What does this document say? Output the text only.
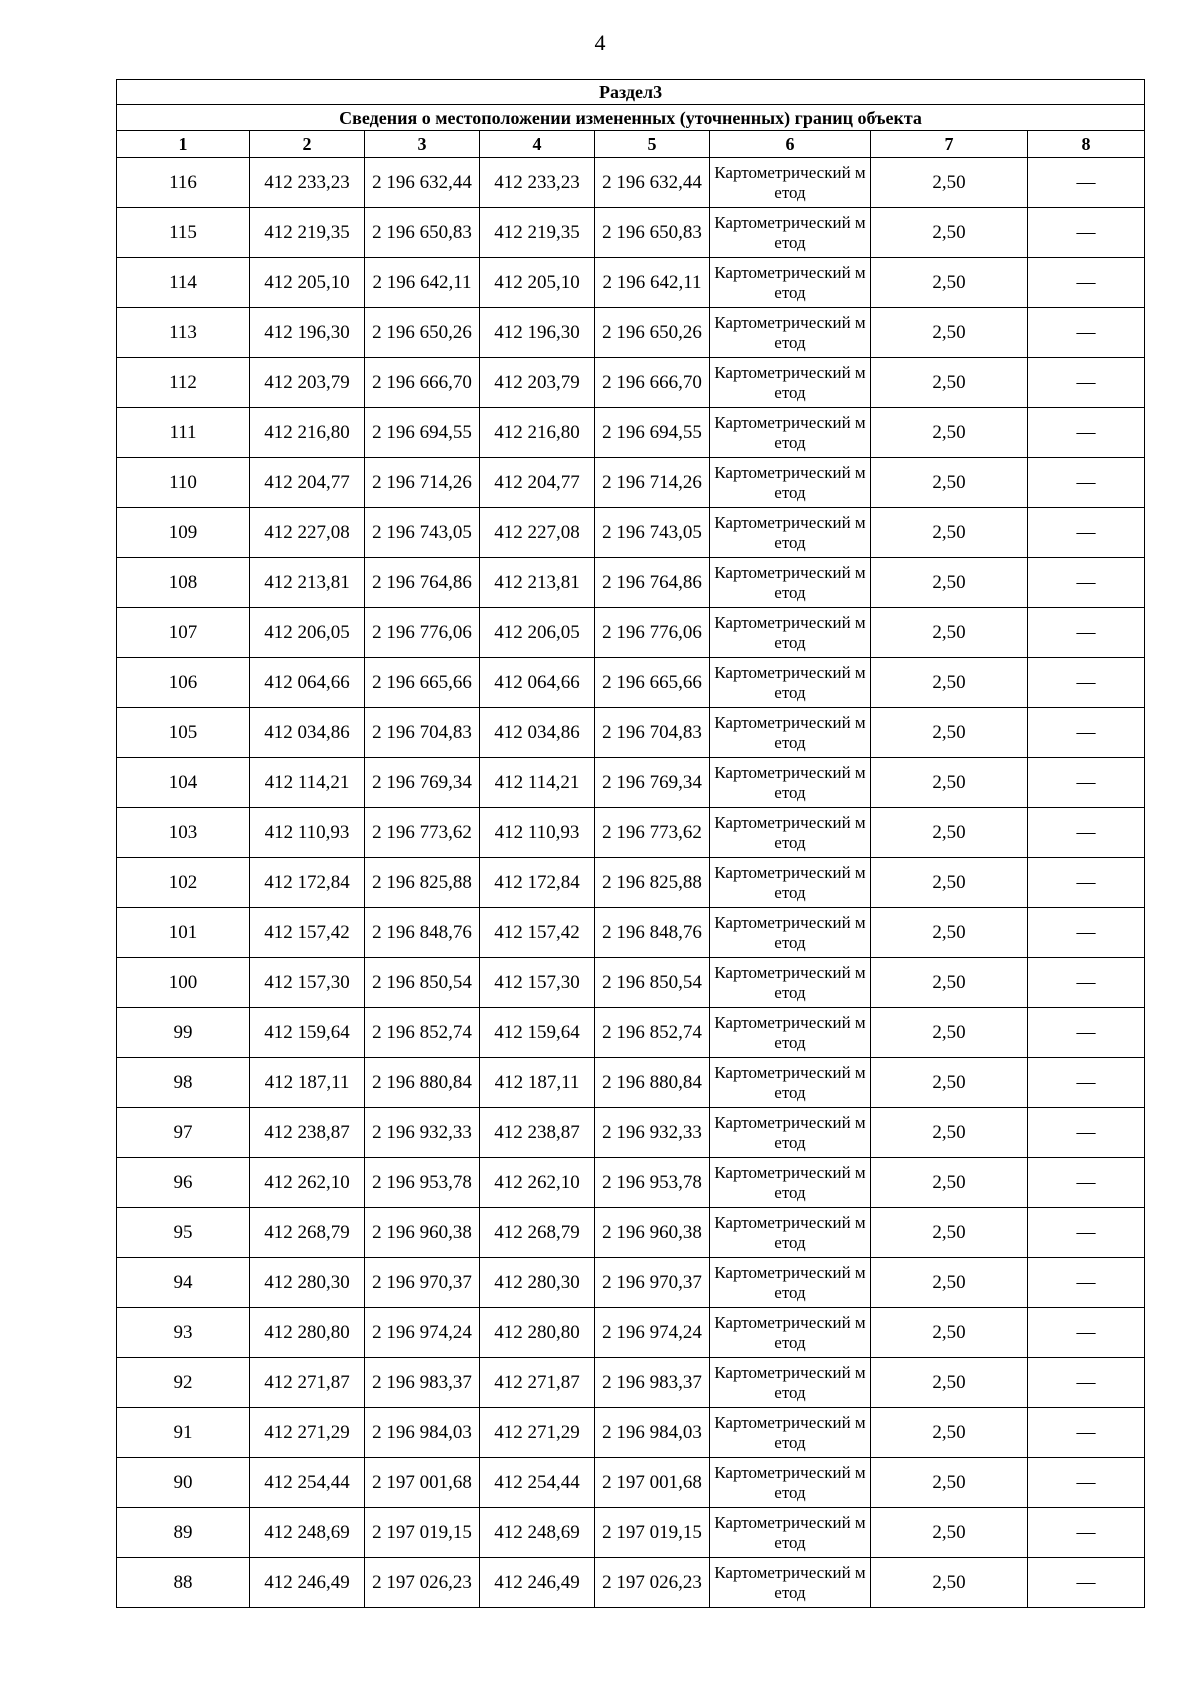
4
Раздел3							
Сведения о местоположении измененных (уточненных) границ объекта							
1	2	3	4	5	6	7	8
116	412 233,23	2 196 632,44	412 233,23	2 196 632,44	Картометрический метод	2,50	—
115	412 219,35	2 196 650,83	412 219,35	2 196 650,83	Картометрический метод	2,50	—
114	412 205,10	2 196 642,11	412 205,10	2 196 642,11	Картометрический метод	2,50	—
113	412 196,30	2 196 650,26	412 196,30	2 196 650,26	Картометрический метод	2,50	—
112	412 203,79	2 196 666,70	412 203,79	2 196 666,70	Картометрический метод	2,50	—
111	412 216,80	2 196 694,55	412 216,80	2 196 694,55	Картометрический метод	2,50	—
110	412 204,77	2 196 714,26	412 204,77	2 196 714,26	Картометрический метод	2,50	—
109	412 227,08	2 196 743,05	412 227,08	2 196 743,05	Картометрический метод	2,50	—
108	412 213,81	2 196 764,86	412 213,81	2 196 764,86	Картометрический метод	2,50	—
107	412 206,05	2 196 776,06	412 206,05	2 196 776,06	Картометрический метод	2,50	—
106	412 064,66	2 196 665,66	412 064,66	2 196 665,66	Картометрический метод	2,50	—
105	412 034,86	2 196 704,83	412 034,86	2 196 704,83	Картометрический метод	2,50	—
104	412 114,21	2 196 769,34	412 114,21	2 196 769,34	Картометрический метод	2,50	—
103	412 110,93	2 196 773,62	412 110,93	2 196 773,62	Картометрический метод	2,50	—
102	412 172,84	2 196 825,88	412 172,84	2 196 825,88	Картометрический метод	2,50	—
101	412 157,42	2 196 848,76	412 157,42	2 196 848,76	Картометрический метод	2,50	—
100	412 157,30	2 196 850,54	412 157,30	2 196 850,54	Картометрический метод	2,50	—
99	412 159,64	2 196 852,74	412 159,64	2 196 852,74	Картометрический метод	2,50	—
98	412 187,11	2 196 880,84	412 187,11	2 196 880,84	Картометрический метод	2,50	—
97	412 238,87	2 196 932,33	412 238,87	2 196 932,33	Картометрический метод	2,50	—
96	412 262,10	2 196 953,78	412 262,10	2 196 953,78	Картометрический метод	2,50	—
95	412 268,79	2 196 960,38	412 268,79	2 196 960,38	Картометрический метод	2,50	—
94	412 280,30	2 196 970,37	412 280,30	2 196 970,37	Картометрический метод	2,50	—
93	412 280,80	2 196 974,24	412 280,80	2 196 974,24	Картометрический метод	2,50	—
92	412 271,87	2 196 983,37	412 271,87	2 196 983,37	Картометрический метод	2,50	—
91	412 271,29	2 196 984,03	412 271,29	2 196 984,03	Картометрический метод	2,50	—
90	412 254,44	2 197 001,68	412 254,44	2 197 001,68	Картометрический метод	2,50	—
89	412 248,69	2 197 019,15	412 248,69	2 197 019,15	Картометрический метод	2,50	—
88	412 246,49	2 197 026,23	412 246,49	2 197 026,23	Картометрический метод	2,50	—
